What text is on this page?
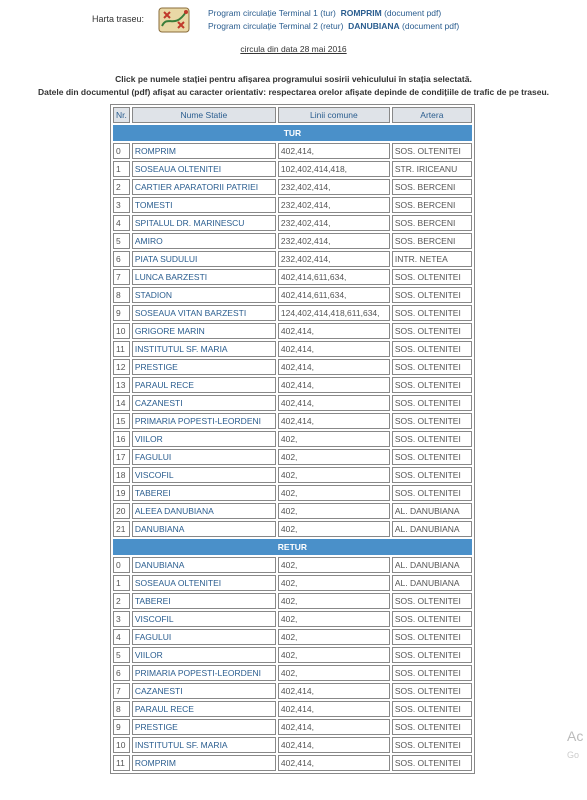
Harta traseu:
Program circulație Terminal 1 (tur) ROMPRIM (document pdf)
Program circulație Terminal 2 (retur) DANUBIANA (document pdf)
circula din data 28 mai 2016
Click pe numele stației pentru afișarea programului sosirii vehiculului în stația selectată.
Datele din documentul (pdf) afișat au caracter orientativ: respectarea orelor afișate depinde de condițiile de trafic de pe traseu.
Nr.	Nume Statie	Linii comune	Artera
TUR			
0	ROMPRIM	402,414,	SOS. OLTENITEI
1	SOSEAUA OLTENITEI	102,402,414,418,	STR. IRICEANU
2	CARTIER APARATORII PATRIEI	232,402,414,	SOS. BERCENI
3	TOMESTI	232,402,414,	SOS. BERCENI
4	SPITALUL DR. MARINESCU	232,402,414,	SOS. BERCENI
5	AMIRO	232,402,414,	SOS. BERCENI
6	PIATA SUDULUI	232,402,414,	INTR. NETEA
7	LUNCA BARZESTI	402,414,611,634,	SOS. OLTENITEI
8	STADION	402,414,611,634,	SOS. OLTENITEI
9	SOSEAUA VITAN BARZESTI	124,402,414,418,611,634,	SOS. OLTENITEI
10	GRIGORE MARIN	402,414,	SOS. OLTENITEI
11	INSTITUTUL SF. MARIA	402,414,	SOS. OLTENITEI
12	PRESTIGE	402,414,	SOS. OLTENITEI
13	PARAUL RECE	402,414,	SOS. OLTENITEI
14	CAZANESTI	402,414,	SOS. OLTENITEI
15	PRIMARIA POPESTI-LEORDENI	402,414,	SOS. OLTENITEI
16	VIILOR	402,	SOS. OLTENITEI
17	FAGULUI	402,	SOS. OLTENITEI
18	VISCOFIL	402,	SOS. OLTENITEI
19	TABEREI	402,	SOS. OLTENITEI
20	ALEEA DANUBIANA	402,	AL. DANUBIANA
21	DANUBIANA	402,	AL. DANUBIANA
RETUR			
0	DANUBIANA	402,	AL. DANUBIANA
1	SOSEAUA OLTENITEI	402,	AL. DANUBIANA
2	TABEREI	402,	SOS. OLTENITEI
3	VISCOFIL	402,	SOS. OLTENITEI
4	FAGULUI	402,	SOS. OLTENITEI
5	VIILOR	402,	SOS. OLTENITEI
6	PRIMARIA POPESTI-LEORDENI	402,	SOS. OLTENITEI
7	CAZANESTI	402,414,	SOS. OLTENITEI
8	PARAUL RECE	402,414,	SOS. OLTENITEI
9	PRESTIGE	402,414,	SOS. OLTENITEI
10	INSTITUTUL SF. MARIA	402,414,	SOS. OLTENITEI
11	ROMPRIM	402,414,	SOS. OLTENITEI
Ac
Go
